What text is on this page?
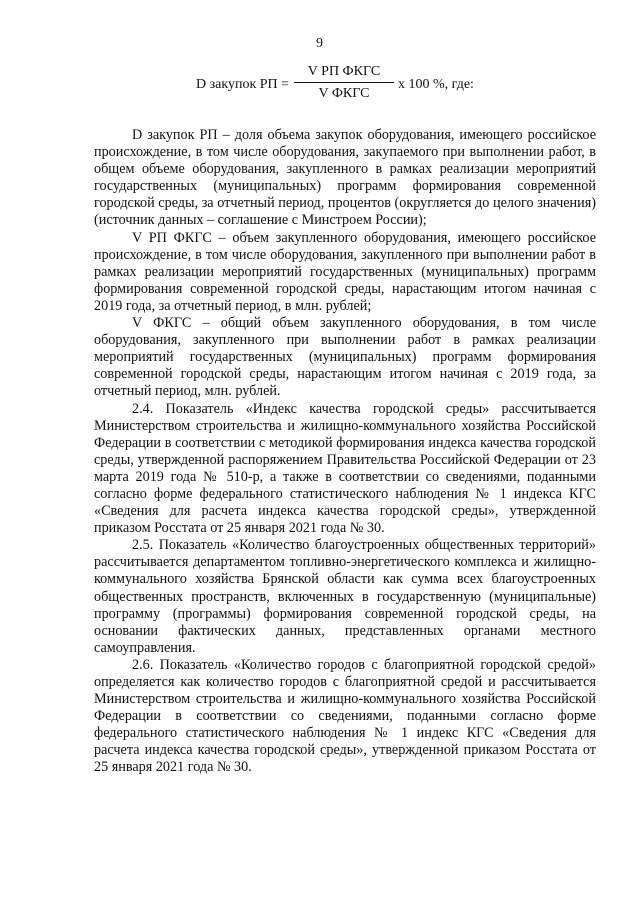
9
D закупок РП =
V РП ФКГС
V ФКГС
х 100 %, где:

D закупок РП – доля объема закупок оборудования, имеющего российское происхождение, в том числе оборудования, закупаемого при выполнении работ, в общем объеме оборудования, закупленного в рамках реализации мероприятий государственных (муниципальных) программ формирования современной городской среды, за отчетный период, процентов (округляется до целого значения) (источник данных – соглашение с Минстроем России);

V РП ФКГС – объем закупленного оборудования, имеющего российское происхождение, в том числе оборудования, закупленного при выполнении работ в рамках реализации мероприятий государственных (муниципальных) программ формирования современной городской среды, нарастающим итогом начиная с 2019 года, за отчетный период, в млн. рублей;

V ФКГС – общий объем закупленного оборудования, в том числе оборудования, закупленного при выполнении работ в рамках реализации мероприятий государственных (муниципальных) программ формирования современной городской среды, нарастающим итогом начиная с 2019 года, за отчетный период, млн. рублей.

2.4. Показатель «Индекс качества городской среды» рассчитывается Министерством строительства и жилищно-коммунального хозяйства Российской Федерации в соответствии с методикой формирования индекса качества городской среды, утвержденной распоряжением Правительства Российской Федерации от 23 марта 2019 года № 510-р, а также в соответствии со сведениями, поданными согласно форме федерального статистического наблюдения № 1 индекса КГС «Сведения для расчета индекса качества городской среды», утвержденной приказом Росстата от 25 января 2021 года № 30.

2.5. Показатель «Количество благоустроенных общественных территорий» рассчитывается департаментом топливно-энергетического комплекса и жилищно-коммунального хозяйства Брянской области как сумма всех благоустроенных общественных пространств, включенных в государственную (муниципальные) программу (программы) формирования современной городской среды, на основании фактических данных, представленных органами местного самоуправления.

2.6. Показатель «Количество городов с благоприятной городской средой» определяется как количество городов с благоприятной средой и рассчитывается Министерством строительства и жилищно-коммунального хозяйства Российской Федерации в соответствии со сведениями, поданными согласно форме федерального статистического наблюдения № 1 индекс КГС «Сведения для расчета индекса качества городской среды», утвержденной приказом Росстата от 25 января 2021 года № 30.
